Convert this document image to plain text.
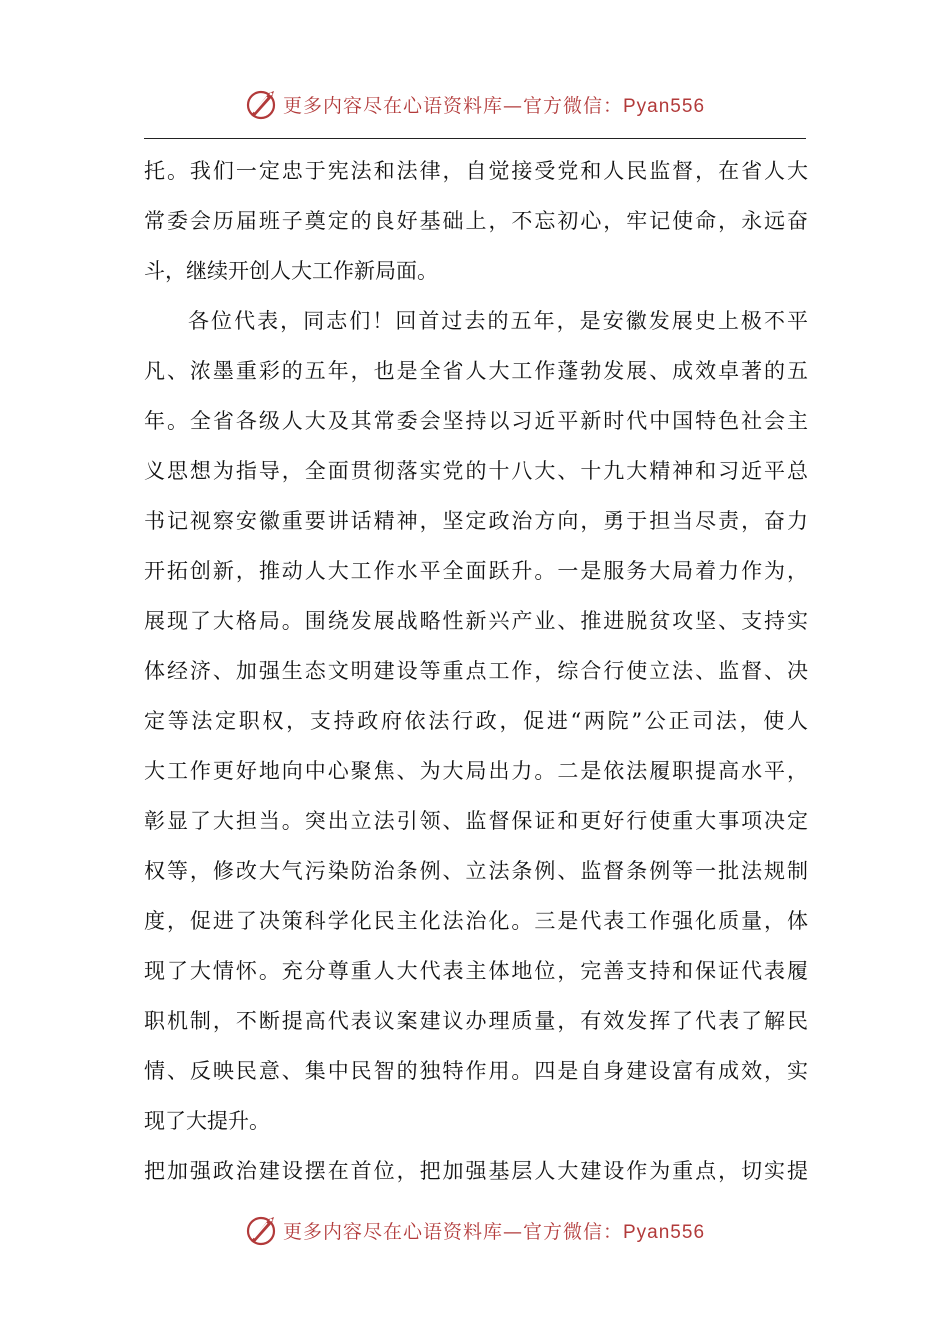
更多内容尽在心语资料库—官方微信：Pyan556
托。我们一定忠于宪法和法律，自觉接受党和人民监督，在省人大
常委会历届班子奠定的良好基础上，不忘初心，牢记使命，永远奋
斗，继续开创人大工作新局面。
各位代表，同志们！回首过去的五年，是安徽发展史上极不平
凡、浓墨重彩的五年，也是全省人大工作蓬勃发展、成效卓著的五
年。全省各级人大及其常委会坚持以习近平新时代中国特色社会主
义思想为指导，全面贯彻落实党的十八大、十九大精神和习近平总
书记视察安徽重要讲话精神，坚定政治方向，勇于担当尽责，奋力
开拓创新，推动人大工作水平全面跃升。一是服务大局着力作为，
展现了大格局。围绕发展战略性新兴产业、推进脱贫攻坚、支持实
体经济、加强生态文明建设等重点工作，综合行使立法、监督、决
定等法定职权，支持政府依法行政，促进“两院”公正司法，使人
大工作更好地向中心聚焦、为大局出力。二是依法履职提高水平，
彰显了大担当。突出立法引领、监督保证和更好行使重大事项决定
权等，修改大气污染防治条例、立法条例、监督条例等一批法规制
度，促进了决策科学化民主化法治化。三是代表工作强化质量，体
现了大情怀。充分尊重人大代表主体地位，完善支持和保证代表履
职机制，不断提高代表议案建议办理质量，有效发挥了代表了解民
情、反映民意、集中民智的独特作用。四是自身建设富有成效，实
现了大提升。
把加强政治建设摆在首位，把加强基层人大建设作为重点，切实提
更多内容尽在心语资料库—官方微信：Pyan556
